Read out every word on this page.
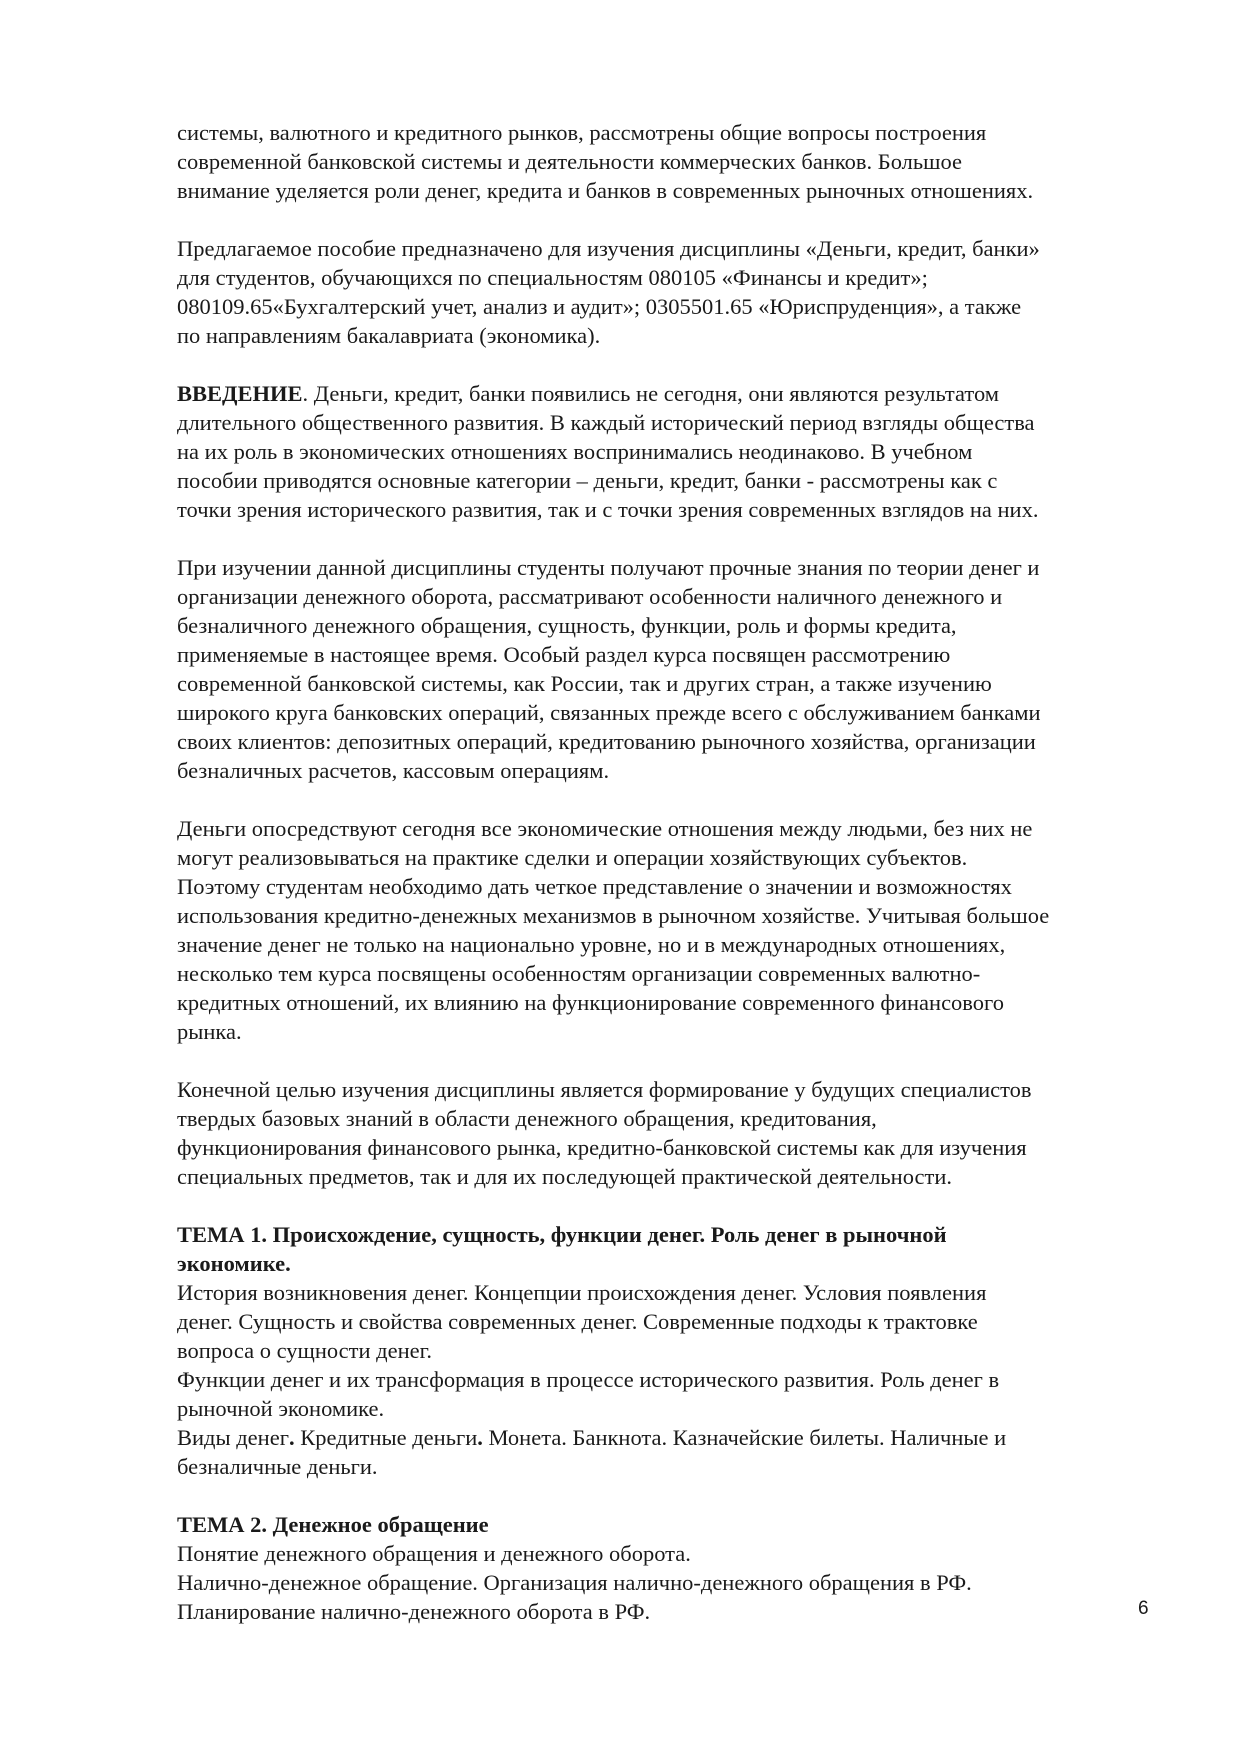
системы, валютного и кредитного рынков, рассмотрены общие вопросы построения
современной банковской системы и деятельности коммерческих банков. Большое
внимание уделяется роли денег, кредита и банков в современных рыночных отношениях.

Предлагаемое пособие предназначено для изучения дисциплины «Деньги, кредит, банки»
для студентов, обучающихся по специальностям 080105 «Финансы и кредит»;
080109.65«Бухгалтерский учет, анализ и аудит»; 0305501.65 «Юриспруденция», а также
по направлениям бакалавриата (экономика).

ВВЕДЕНИЕ. Деньги, кредит, банки появились не сегодня, они являются результатом
длительного общественного развития. В каждый исторический период взгляды общества
на их роль в экономических отношениях воспринимались неодинаково. В учебном
пособии приводятся основные категории – деньги, кредит, банки - рассмотрены как с
точки зрения исторического развития, так и с точки зрения современных взглядов на них.

При изучении данной дисциплины студенты получают прочные знания по теории денег и
организации денежного оборота, рассматривают особенности наличного денежного и
безналичного денежного обращения, сущность, функции, роль и формы кредита,
применяемые в настоящее время. Особый раздел курса посвящен рассмотрению
современной банковской системы, как России, так и других стран, а также изучению
широкого круга банковских операций, связанных прежде всего с обслуживанием банками
своих клиентов: депозитных операций, кредитованию рыночного хозяйства, организации
безналичных расчетов, кассовым операциям.

Деньги опосредствуют сегодня все экономические отношения между людьми, без них не
могут реализовываться на практике сделки и операции хозяйствующих субъектов.
Поэтому студентам необходимо дать четкое представление о значении и возможностях
использования кредитно-денежных механизмов в рыночном хозяйстве. Учитывая большое
значение денег не только на национально уровне, но и в международных отношениях,
несколько тем курса посвящены особенностям организации современных валютно-
кредитных отношений, их влиянию на функционирование современного финансового
рынка.

Конечной целью изучения дисциплины является формирование у будущих специалистов
твердых базовых знаний в области денежного обращения, кредитования,
функционирования финансового рынка, кредитно-банковской системы как для изучения
специальных предметов, так и для их последующей практической деятельности.

ТЕМА 1. Происхождение, сущность, функции денег. Роль денег в рыночной
экономике.

История возникновения денег. Концепции происхождения денег. Условия появления
денег. Сущность и свойства современных денег. Современные подходы к трактовке
вопроса о сущности денег.

Функции денег и их трансформация в процессе исторического развития. Роль денег в
рыночной экономике.

Виды денег. Кредитные деньги. Монета. Банкнота. Казначейские билеты. Наличные и
безналичные деньги.

ТЕМА 2. Денежное обращение

Понятие денежного обращения и денежного оборота.

Налично-денежное обращение. Организация налично-денежного обращения в РФ.

Планирование налично-денежного оборота в РФ.	6
